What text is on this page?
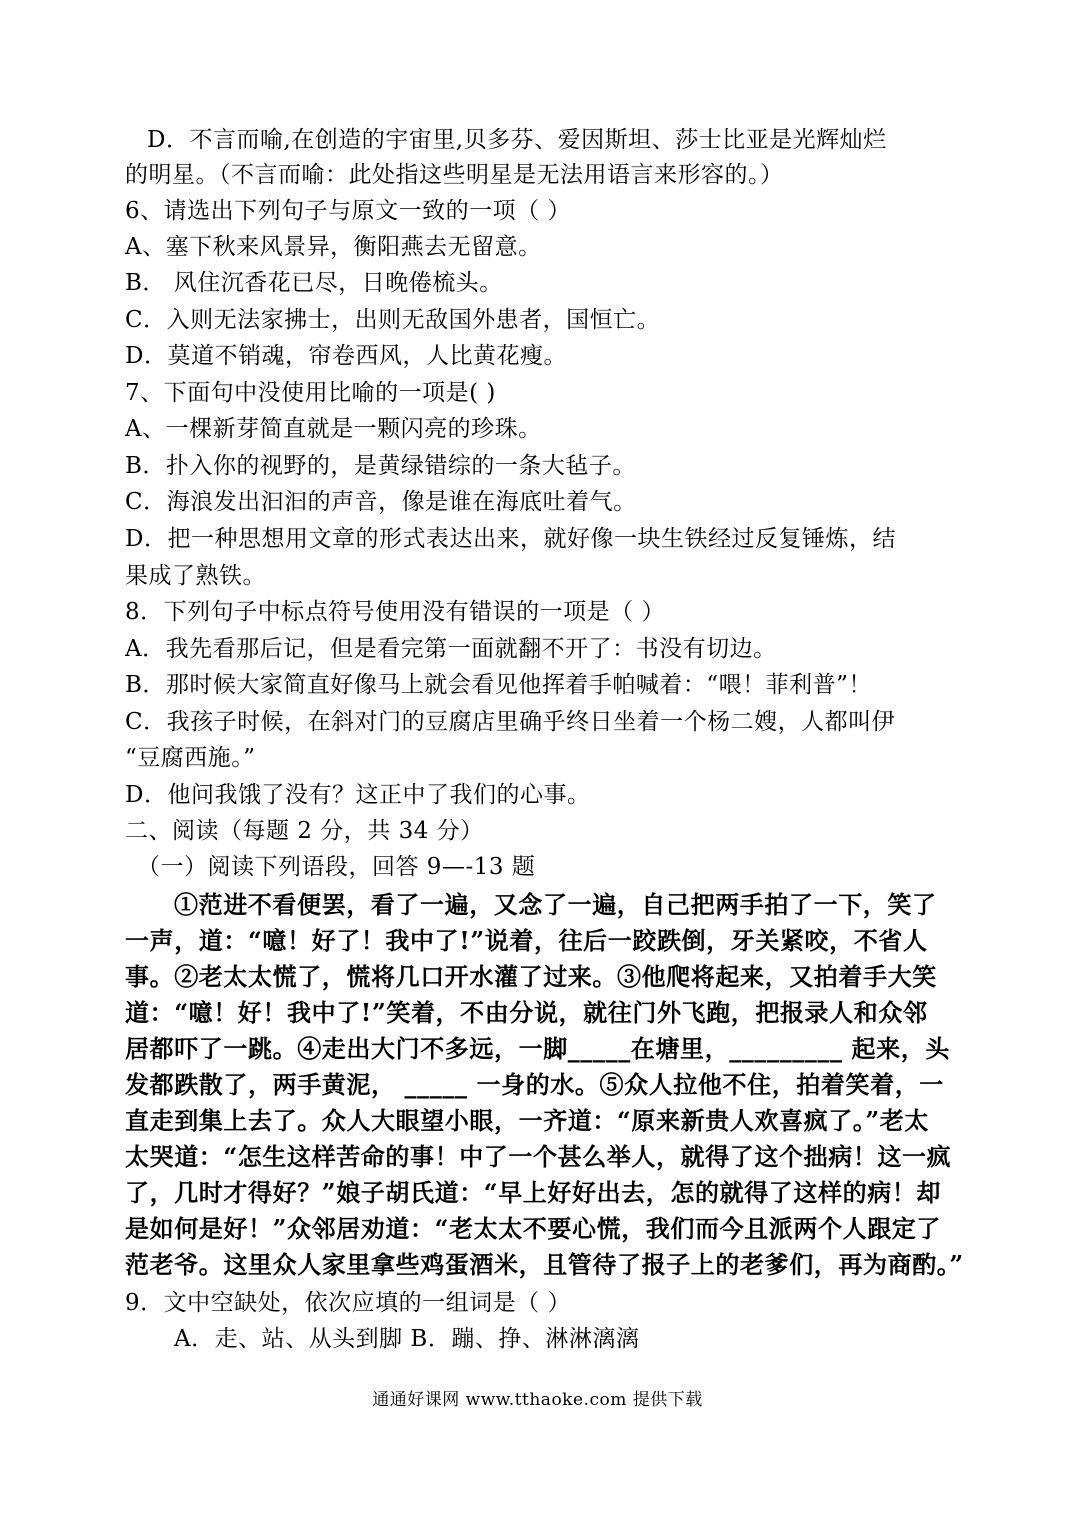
D．不言而喻,在创造的宇宙里,贝多芬、爱因斯坦、莎士比亚是光辉灿烂
的明星。（不言而喻：此处指这些明星是无法用语言来形容的。）
6、请选出下列句子与原文一致的一项（ ）
A、塞下秋来风景异，衡阳燕去无留意。
B． 风住沉香花已尽，日晚倦梳头。
C．入则无法家拂士，出则无敌国外患者，国恒亡。
D．莫道不销魂，帘卷西风，人比黄花瘦。
7、下面句中没使用比喻的一项是( )
A、一棵新芽简直就是一颗闪亮的珍珠。
B．扑入你的视野的，是黄绿错综的一条大毡子。
C．海浪发出汩汩的声音，像是谁在海底吐着气。
D．把一种思想用文章的形式表达出来，就好像一块生铁经过反复锤炼，结
果成了熟铁。
8．下列句子中标点符号使用没有错误的一项是（ ）
A．我先看那后记，但是看完第一面就翻不开了：书没有切边。
B．那时候大家简直好像马上就会看见他挥着手帕喊着：“喂！菲利普”！
C．我孩子时候，在斜对门的豆腐店里确乎终日坐着一个杨二嫂，人都叫伊
“豆腐西施。”
D．他问我饿了没有？这正中了我们的心事。
二、阅读（每题 2 分，共 34 分）
（一）阅读下列语段，回答 9—-13 题
①范进不看便罢，看了一遍，又念了一遍，自己把两手拍了一下，笑了
一声，道：“噫！好了！我中了!”说着，往后一跤跌倒，牙关紧咬，不省人
事。②老太太慌了，慌将几口开水灌了过来。③他爬将起来，又拍着手大笑
道：“噫！好！我中了!”笑着，不由分说，就往门外飞跑，把报录人和众邻
居都吓了一跳。④走出大门不多远，一脚_____在塘里，_________ 起来，头
发都跌散了，两手黄泥， _____ 一身的水。⑤众人拉他不住，拍着笑着，一
直走到集上去了。众人大眼望小眼，一齐道：“原来新贵人欢喜疯了。”老太
太哭道：“怎生这样苦命的事！中了一个甚么举人，就得了这个拙病！这一疯
了，几时才得好？”娘子胡氏道：“早上好好出去，怎的就得了这样的病！却
是如何是好！”众邻居劝道：“老太太不要心慌，我们而今且派两个人跟定了
范老爷。这里众人家里拿些鸡蛋酒米，且管待了报子上的老爹们，再为商酌。”
9．文中空缺处，依次应填的一组词是（ ）
A．走、站、从头到脚 B．蹦、挣、淋淋漓漓
通通好课网 www.tthaoke.com 提供下载
